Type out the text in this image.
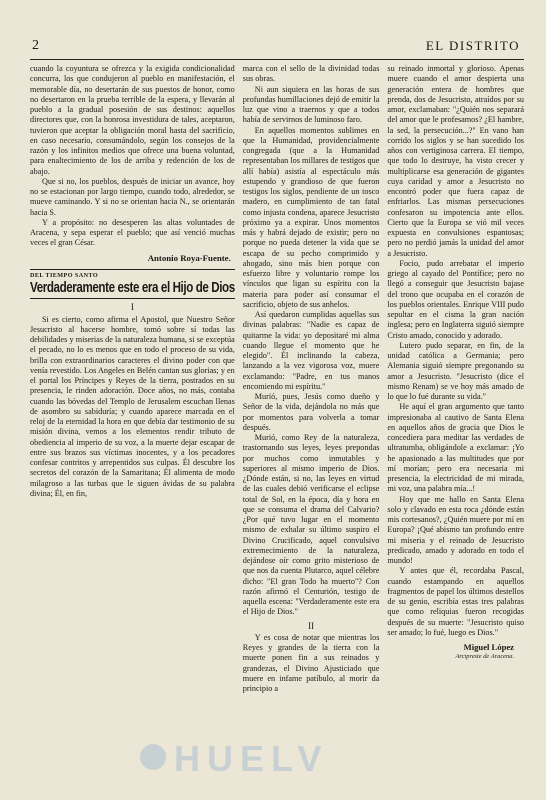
2	EL DISTRITO

cuando la coyuntura se ofrezca y la exigida condicionalidad concurra, los que condujeron al pueblo en manifestación, el memorable día, no desertarán de sus puestos de honor, como no desertaron en la prueba terrible de la espera, y llevarán al pueblo a la gradual posesión de sus destinos: aquellos directores que, con la honrosa investidura de tales, aceptaron, tuvieron que aceptar la obligación moral hasta del sacrificio, en caso necesario, consumándolo, según los consejos de la razón y los infinitos medios que ofrece una buena voluntad, para enaltecimiento de los de arriba y redención de los de abajo.

Que si no, los pueblos, después de iniciar un avance, hoy no se estacionan por largo tiempo, cuando todo, alrededor, se mueve caminando. Y si no se orientan hacia N., se orientarán hacia S.

Y a propósito: no desesperen las altas voluntades de Aracena, y sepa esperar el pueblo; que así venció muchas veces el gran César.

Antonio Roya-Fuente.
DEL TIEMPO SANTO
Verdaderamente este era el Hijo de Dios
I

Si es cierto, como afirma el Apostol, que Nuestro Señor Jesucristo al hacerse hombre, tomó sobre sí todas las debilidades y miserias de la naturaleza humana, si se exceptúa el pecado, no lo es menos que en todo el proceso de su vida, brilla con extraordinarios caracteres el divino poder con que venía revestido. Los Angeles en Belén cantan sus glorias; y en el portal los Príncipes y Reyes de la tierra, postrados en su presencia, le rinden adoración. Doce años, no más, contaba cuando las bóvedas del Templo de Jerusalem escuchan llenas de asombro su sabiduría; y cuando aparece marcada en el reloj de la eternidad la hora en que debía dar testimonio de su misión divina, vemos a los elementos rendir tributo de obediencia al imperio de su voz, a la muerte dejar escapar de entre sus brazos sus víctimas inocentes, y a los pecadores confesar contritos y arrepentidos sus culpas. Él descubre los secretos del corazón de la Samaritana; Él alimenta de modo milagroso a las turbas que le siguen ávidas de su palabra divina; Él, en fin,

marca con el sello de la divinidad todas sus obras.

Ni aun siquiera en las horas de sus profundas humillaciones dejó de emitir la luz que vino a traernos y que a todos había de servirnos de luminoso faro.

En aquellos momentos sublimes en que la Humanidad, providencialmente congregada (que a la Humanidad representaban los millares de testigos que allí había) asistía al espectáculo más estupendo y grandioso de que fueron testigos los siglos, pendiente de un tosco madero, en cumplimiento de tan fatal como injusta condena, aparece Jesucristo próximo ya a expirar. Unos momentos más y habrá dejado de existir; pero no porque no pueda detener la vida que se escapa de su pecho comprimido y ahogado, sino más bien porque con esfuerzo libre y voluntario rompe los vínculos que ligan su espíritu con la materia para poder así consumar el sacrificio, objeto de sus anhelos.

Así quedaron cumplidas aquellas sus divinas palabras: "Nadie es capaz de quitarme la vida: yo depositaré mi alma cuando llegue el momento que he elegido". Él inclinando la cabeza, lanzando a la vez vigorosa voz, muere exclamando: "Padre, en tus manos encomiendo mi espíritu."

Murió, pues, Jesús como dueño y Señor de la vida, dejándola no más que por momentos para volverla a tomar después.

Murió, como Rey de la naturaleza, trastornando sus leyes, leyes prepondas por muchos como inmutables y superiores al mismo imperio de Dios. ¿Dónde están, si no, las leyes en virtud de las cuales debió verificarse el eclipse total de Sol, en la época, día y hora en que se consuma el drama del Calvario? ¿Por qué tuvo lugar en el momento mismo de exhalar su último suspiro el Divino Crucificado, aquel convulsivo extremecimiento de la naturaleza, dejándose oír como grito misterioso de que nos da cuenta Plutarco, aquel célebre dicho: "El gran Todo ha muerto"? Con razón afirmó el Centurión, testigo de aquella escena: "Verdaderamente este era el Hijo de Dios."

II

Y es cosa de notar que mientras los Reyes y grandes de la tierra con la muerte ponen fin a sus reinados y grandezas, el Divino Ajusticiado que muere en infame patíbulo, al morir da principio a

su reinado inmortal y glorioso. Apenas muere cuando el amor despierta una generación entera de hombres que prenda, dos de Jesucristo, atraídos por su amor, exclamaban: "¿Quién nos separará del amor que le profesamos? ¿El hambre, la sed, la persecución...?" En vano han corrido los siglos y se han sucedido los años con vertiginosa carrera. El tiempo, que todo lo destruye, ha visto crecer y multiplicarse esa generación de gigantes cuya caridad y amor a Jesucristo no encontró poder que fuera capaz de enfriarlos. Las mismas persecuciones confesaron su impotencia ante ellos. Cierto que la Europa se vió mil veces expuesta en convulsiones espantosas; pero no perdió jamás la unidad del amor a Jesucristo.

Focio, pudo arrebatar el imperio griego al cayado del Pontífice; pero no llegó a conseguir que Jesucristo bajase del trono que ocupaba en el corazón de los pueblos orientales. Enrique VIII pudo sepultar en el cisma la gran nación inglesa; pero en Inglaterra siguió siempre Cristo amado, conocido y adorado.

Lutero pudo separar, en fin, de la unidad católica a Germania; pero Alemania siguió siempre pregonando su amor a Jesucristo. "Jesucristo (dice el mismo Renam) se ve hoy más amado de lo que lo fué durante su vida."

He aquí el gran argumento que tanto impresionaba al cautivo de Santa Elena en aquellos años de gracia que Dios le concediera para meditar las verdades de ultratumba, obligándole a exclamar: ¡Yo he apasionado a las multitudes que por mí morían; pero era necesaria mi presencia, la electricidad de mi mirada, mi voz, una palabra mía...!

Hoy que me hallo en Santa Elena solo y clavado en esta roca ¿dónde están mis cortesanos?, ¿Quién muere por mí en Europa? ¡Qué abismo tan profundo entre mi miseria y el reinado de Jesucristo predicado, amado y adorado en todo el mundo!

Y antes que él, recordaba Pascal, cuando estampando en aquellos fragmentos de papel los últimos destellos de su genio, escribía estas tres palabras que como reliquias fueron recogidas después de su muerte: "Jesucristo quiso ser amado; lo fué, luego es Dios."

Miguel López
Arcipreste de Aracena.
HUELV
